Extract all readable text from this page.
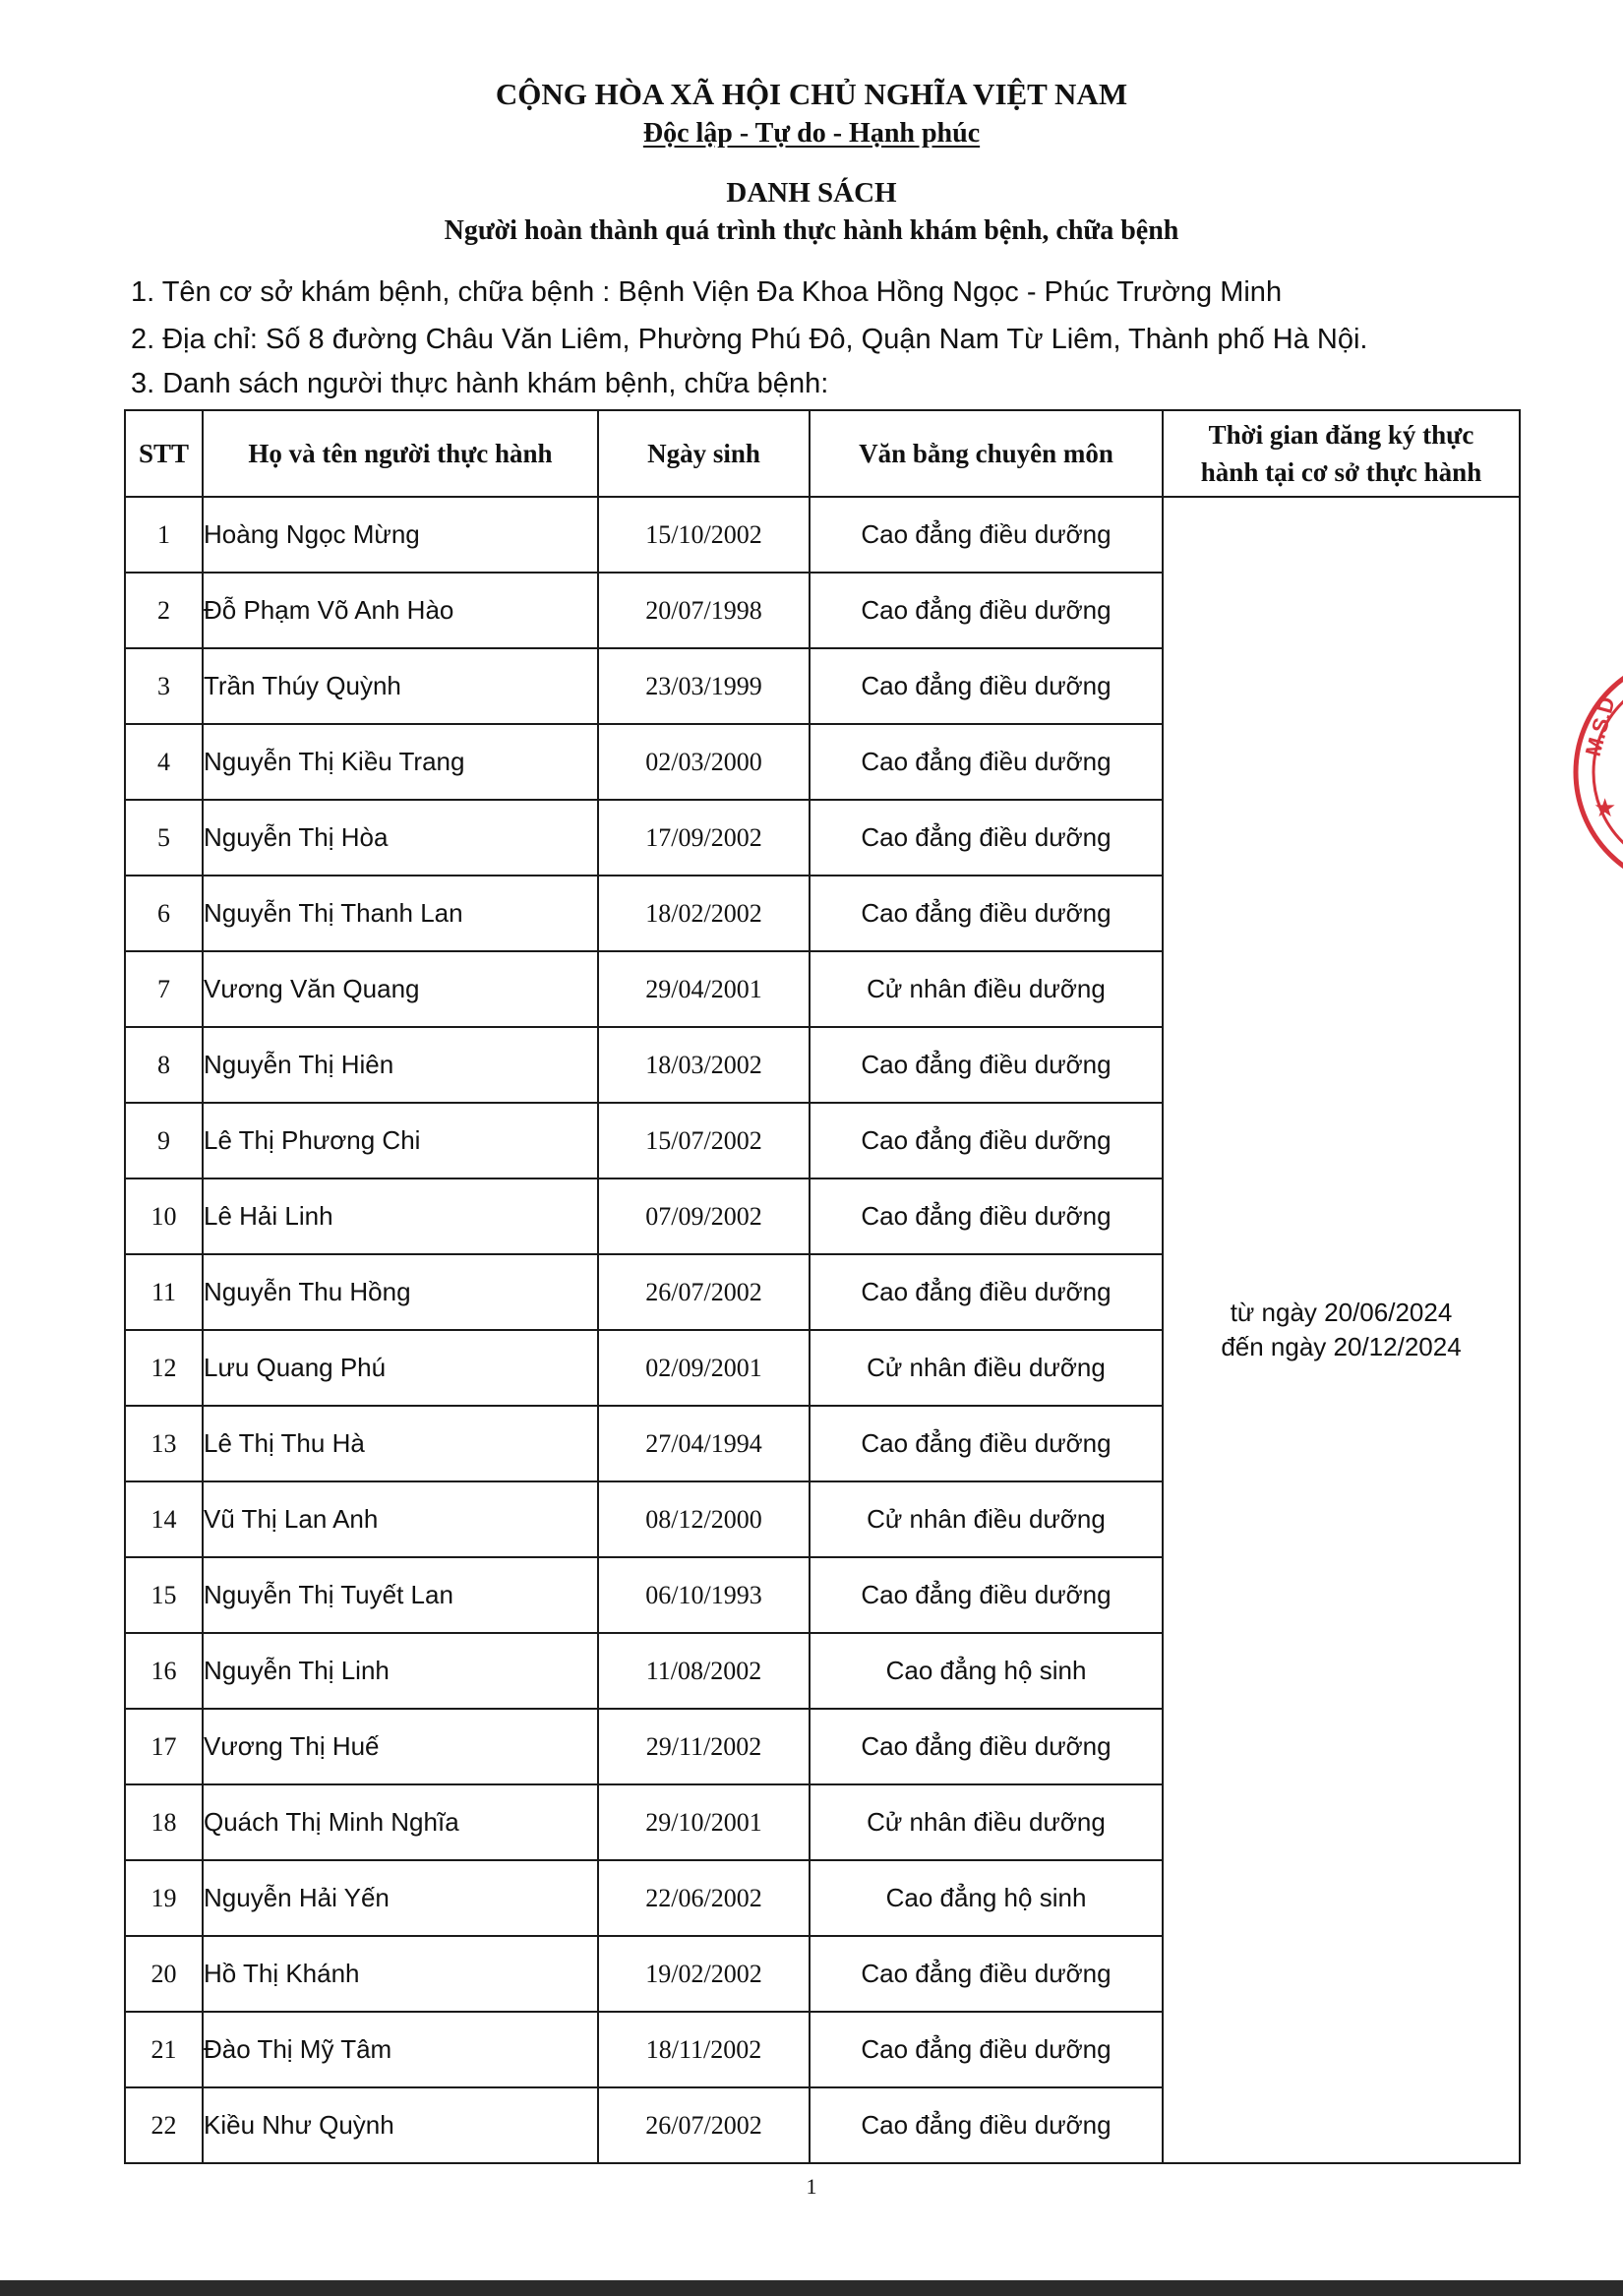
CỘNG HÒA XÃ HỘI CHỦ NGHĨA VIỆT NAM
Độc lập - Tự do - Hạnh phúc
DANH SÁCH
Người hoàn thành quá trình thực hành khám bệnh, chữa bệnh
1. Tên cơ sở khám bệnh, chữa bệnh : Bệnh Viện Đa Khoa Hồng Ngọc - Phúc Trường Minh
2. Địa chỉ: Số 8 đường Châu Văn Liêm, Phường Phú Đô, Quận Nam Từ Liêm, Thành phố Hà Nội.
3. Danh sách người thực hành khám bệnh, chữa bệnh:
STT	Họ và tên người thực hành	Ngày sinh	Văn bằng chuyên môn	Thời gian đăng ký thực
hành tại cơ sở thực hành

1	Hoàng Ngọc Mừng	15/10/2002	Cao đẳng điều dưỡng	từ ngày 20/06/2024
đến ngày 20/12/2024

2	Đỗ Phạm Võ Anh Hào	20/07/1998	Cao đẳng điều dưỡng	
3	Trần Thúy Quỳnh	23/03/1999	Cao đẳng điều dưỡng	
4	Nguyễn Thị Kiều Trang	02/03/2000	Cao đẳng điều dưỡng	
5	Nguyễn Thị Hòa	17/09/2002	Cao đẳng điều dưỡng	
6	Nguyễn Thị Thanh Lan	18/02/2002	Cao đẳng điều dưỡng	
7	Vương Văn Quang	29/04/2001	Cử nhân điều dưỡng	
8	Nguyễn Thị Hiên	18/03/2002	Cao đẳng điều dưỡng	
9	Lê Thị Phương Chi	15/07/2002	Cao đẳng điều dưỡng	
10	Lê Hải Linh	07/09/2002	Cao đẳng điều dưỡng	
11	Nguyễn Thu Hồng	26/07/2002	Cao đẳng điều dưỡng	
12	Lưu Quang Phú	02/09/2001	Cử nhân điều dưỡng	
13	Lê Thị Thu Hà	27/04/1994	Cao đẳng điều dưỡng	
14	Vũ Thị Lan Anh	08/12/2000	Cử nhân điều dưỡng	
15	Nguyễn Thị Tuyết Lan	06/10/1993	Cao đẳng điều dưỡng	
16	Nguyễn Thị Linh	11/08/2002	Cao đẳng hộ sinh	
17	Vương Thị Huế	29/11/2002	Cao đẳng điều dưỡng	
18	Quách Thị Minh Nghĩa	29/10/2001	Cử nhân điều dưỡng	
19	Nguyễn Hải Yến	22/06/2002	Cao đẳng hộ sinh	
20	Hồ Thị Khánh	19/02/2002	Cao đẳng điều dưỡng	
21	Đào Thị Mỹ Tâm	18/11/2002	Cao đẳng điều dưỡng	
22	Kiều Như Quỳnh	26/07/2002	Cao đẳng điều dưỡng	
M.S.D
★
1
